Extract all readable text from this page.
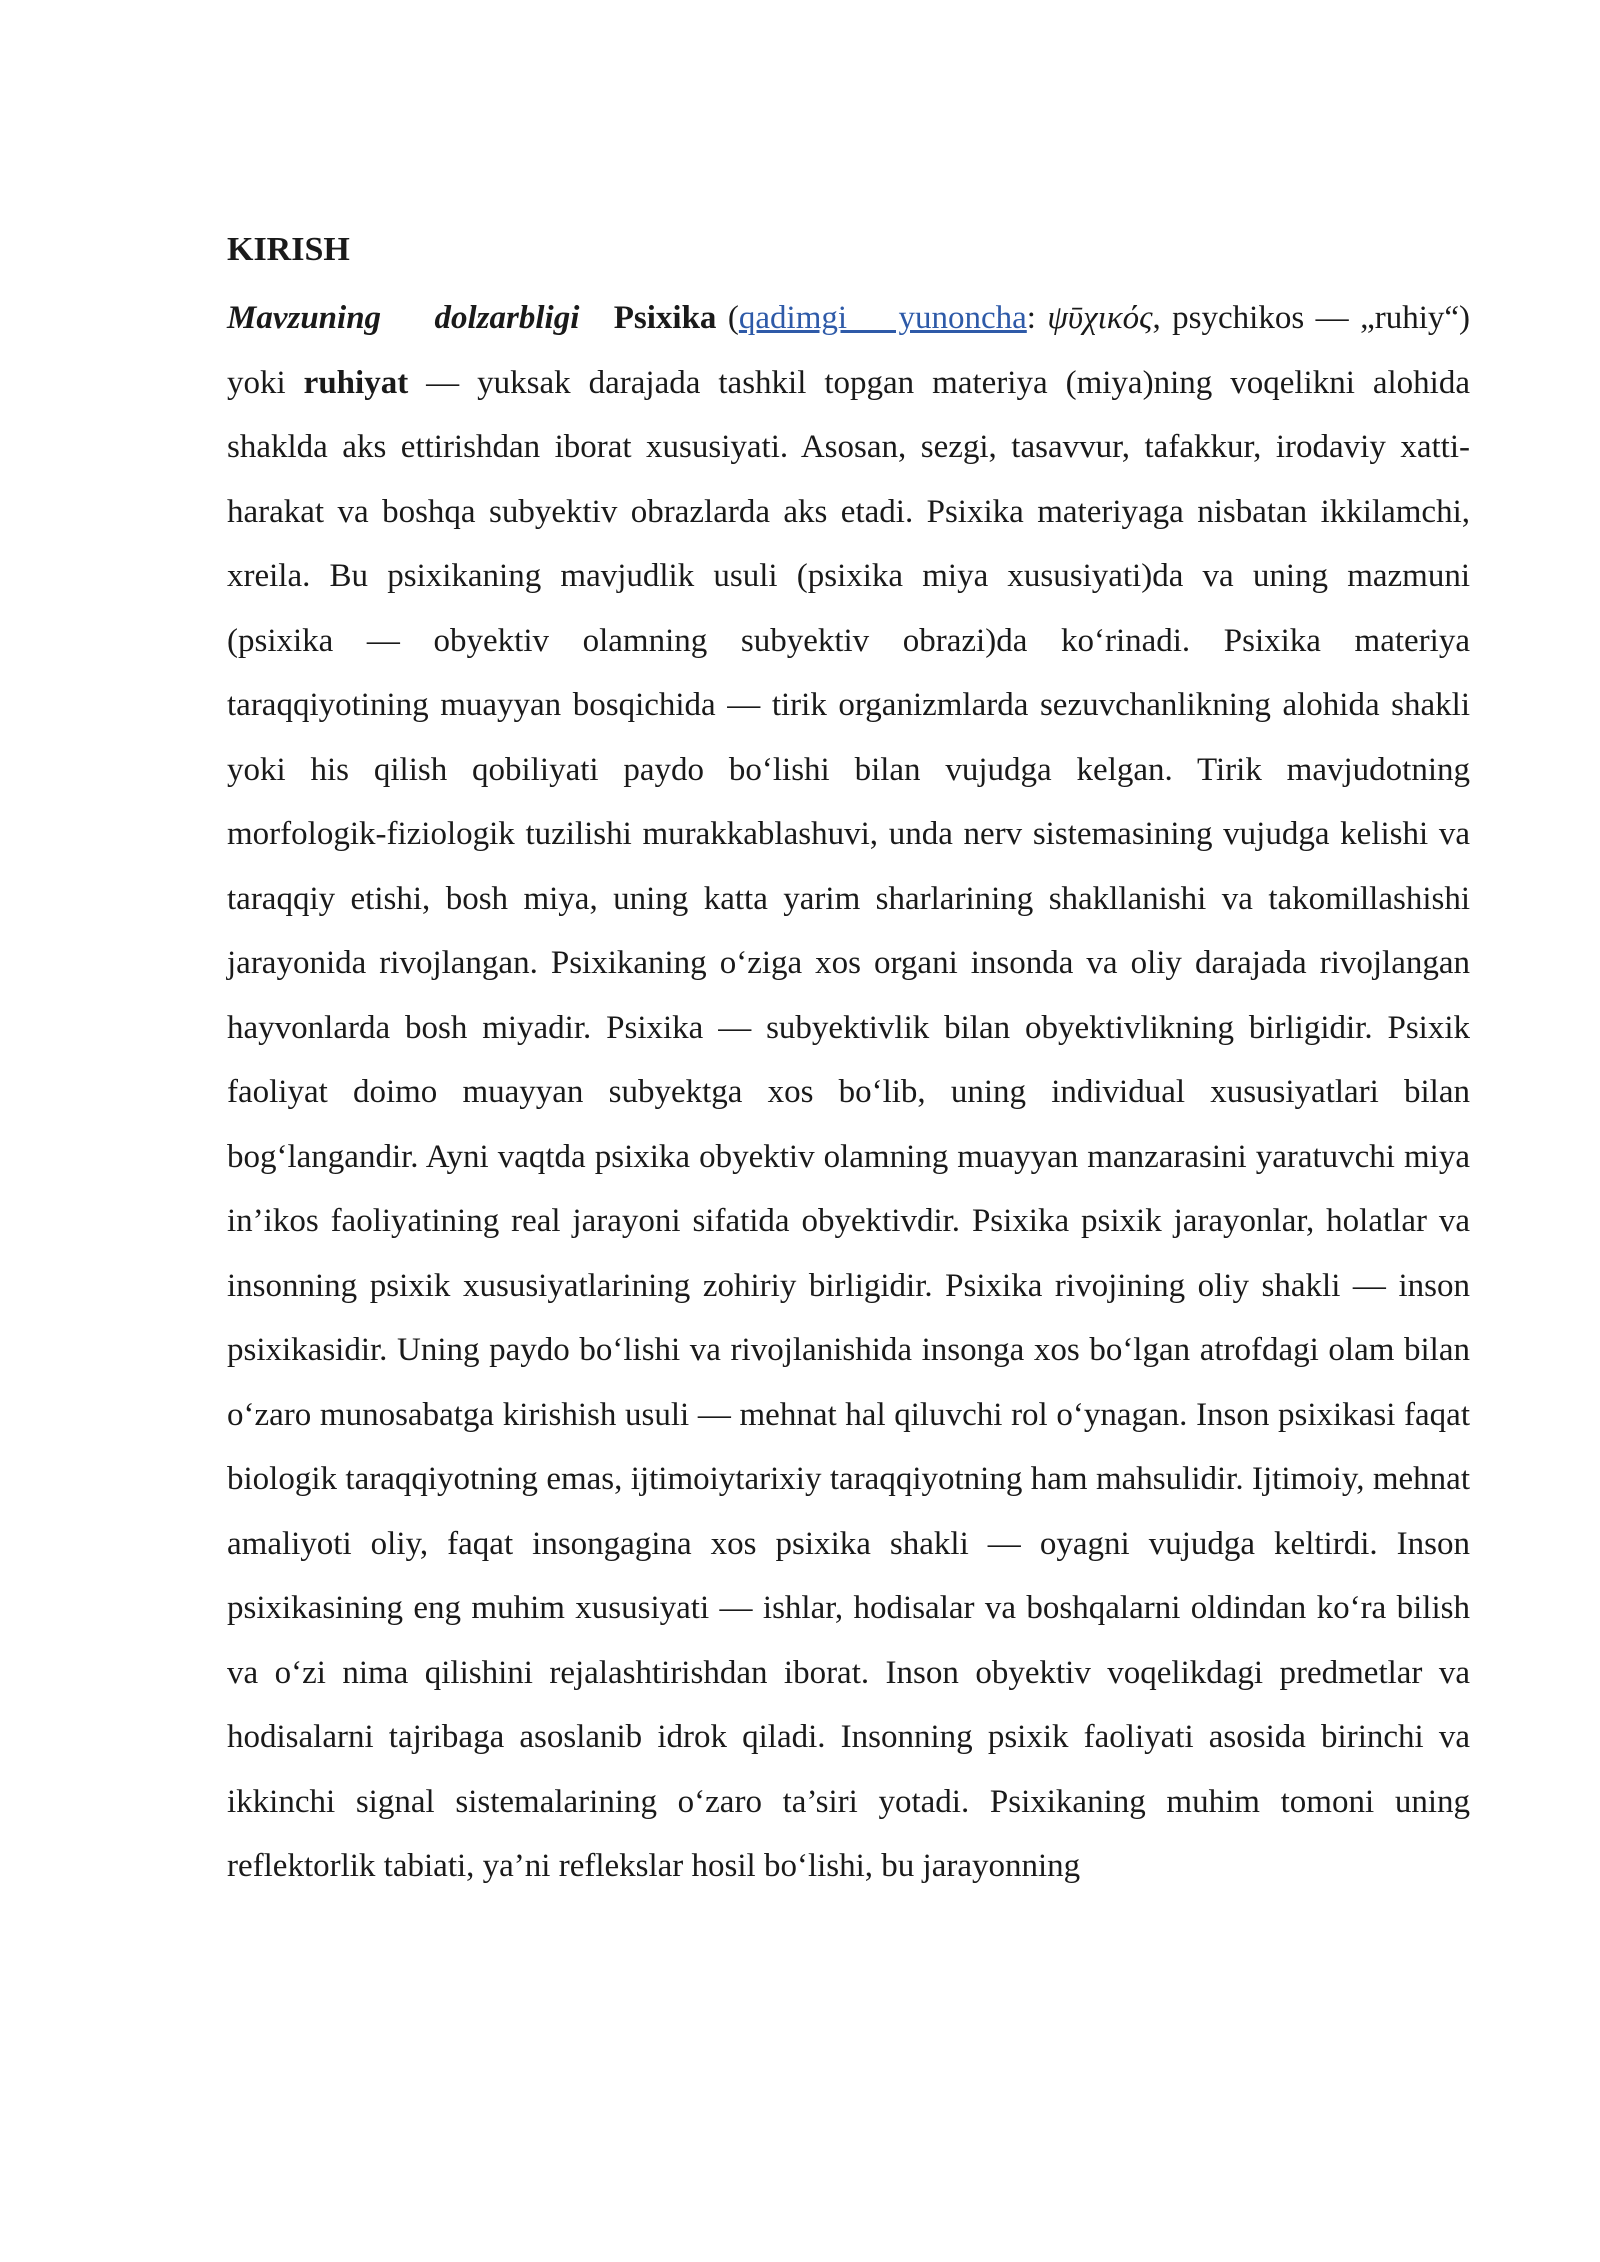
KIRISH

Mavzuning dolzarbligi Psixika (qadimgi yunoncha: ψῡχικός, psychikos — „ruhiy“) yoki ruhiyat — yuksak darajada tashkil topgan materiya (miya)ning voqelikni alohida shaklda aks ettirishdan iborat xususiyati. Asosan, sezgi, tasavvur, tafakkur, irodaviy xatti-harakat va boshqa subyektiv obrazlarda aks etadi. Psixika materiyaga nisbatan ikkilamchi, xreila. Bu psixikaning mavjudlik usuli (psixika miya xususiyati)da va uning mazmuni (psixika — obyektiv olamning subyektiv obrazi)da ko‘rinadi. Psixika materiya taraqqiyotining muayyan bosqichida — tirik organizmlarda sezuvchanlikning alohida shakli yoki his qilish qobiliyati paydo bo‘lishi bilan vujudga kelgan. Tirik mavjudotning morfologik-fiziologik tuzilishi murakkablashuvi, unda nerv sistemasining vujudga kelishi va taraqqiy etishi, bosh miya, uning katta yarim sharlarining shakllanishi va takomillashishi jarayonida rivojlangan. Psixikaning o‘ziga xos organi insonda va oliy darajada rivojlangan hayvonlarda bosh miyadir. Psixika — subyektivlik bilan obyektivlikning birligidir. Psixik faoliyat doimo muayyan subyektga xos bo‘lib, uning individual xususiyatlari bilan bog‘langandir. Ayni vaqtda psixika obyektiv olamning muayyan manzarasini yaratuvchi miya in’ikos faoliyatining real jarayoni sifatida obyektivdir. Psixika psixik jarayonlar, holatlar va insonning psixik xususiyatlarining zohiriy birligidir. Psixika rivojining oliy shakli — inson psixikasidir. Uning paydo bo‘lishi va rivojlanishida insonga xos bo‘lgan atrofdagi olam bilan o‘zaro munosabatga kirishish usuli — mehnat hal qiluvchi rol o‘ynagan. Inson psixikasi faqat biologik taraqqiyotning emas, ijtimoiytarixiy taraqqiyotning ham mahsulidir. Ijtimoiy, mehnat amaliyoti oliy, faqat insongagina xos psixika shakli — oyagni vujudga keltirdi. Inson psixikasining eng muhim xususiyati — ishlar, hodisalar va boshqalarni oldindan ko‘ra bilish va o‘zi nima qilishini rejalashtirishdan iborat. Inson obyektiv voqelikdagi predmetlar va hodisalarni tajribaga asoslanib idrok qiladi. Insonning psixik faoliyati asosida birinchi va ikkinchi signal sistemalarining o‘zaro ta’siri yotadi. Psixikaning muhim tomoni uning reflektorlik tabiati, ya’ni reflekslar hosil bo‘lishi, bu jarayonning
